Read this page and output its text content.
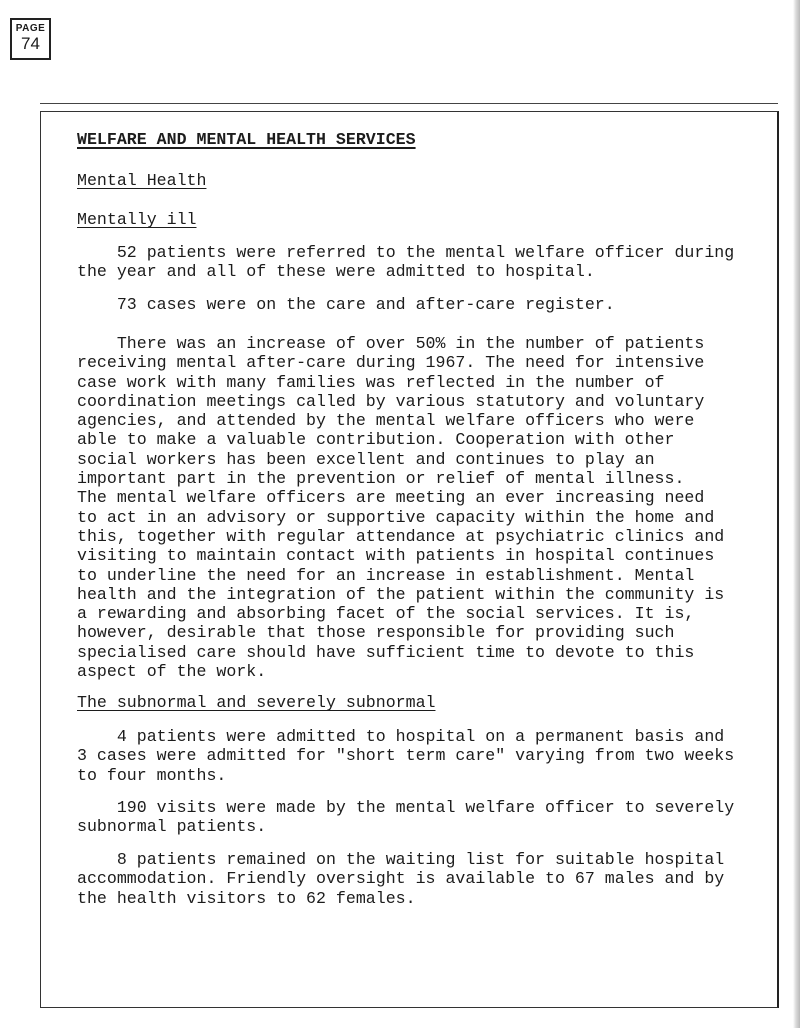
PAGE
74

WELFARE AND MENTAL HEALTH SERVICES

Mental Health

Mentally ill

52 patients were referred to the mental welfare officer during
the year and all of these were admitted to hospital.

73 cases were on the care and after-care register.

There was an increase of over 50% in the number of patients
receiving mental after-care during 1967. The need for intensive
case work with many families was reflected in the number of
coordination meetings called by various statutory and voluntary
agencies, and attended by the mental welfare officers who were
able to make a valuable contribution. Cooperation with other
social workers has been excellent and continues to play an
important part in the prevention or relief of mental illness.
The mental welfare officers are meeting an ever increasing need
to act in an advisory or supportive capacity within the home and
this, together with regular attendance at psychiatric clinics and
visiting to maintain contact with patients in hospital continues
to underline the need for an increase in establishment. Mental
health and the integration of the patient within the community is
a rewarding and absorbing facet of the social services. It is,
however, desirable that those responsible for providing such
specialised care should have sufficient time to devote to this
aspect of the work.

The subnormal and severely subnormal

4 patients were admitted to hospital on a permanent basis and
3 cases were admitted for "short term care" varying from two weeks
to four months.

190 visits were made by the mental welfare officer to severely
subnormal patients.

8 patients remained on the waiting list for suitable hospital
accommodation. Friendly oversight is available to 67 males and by
the health visitors to 62 females.
